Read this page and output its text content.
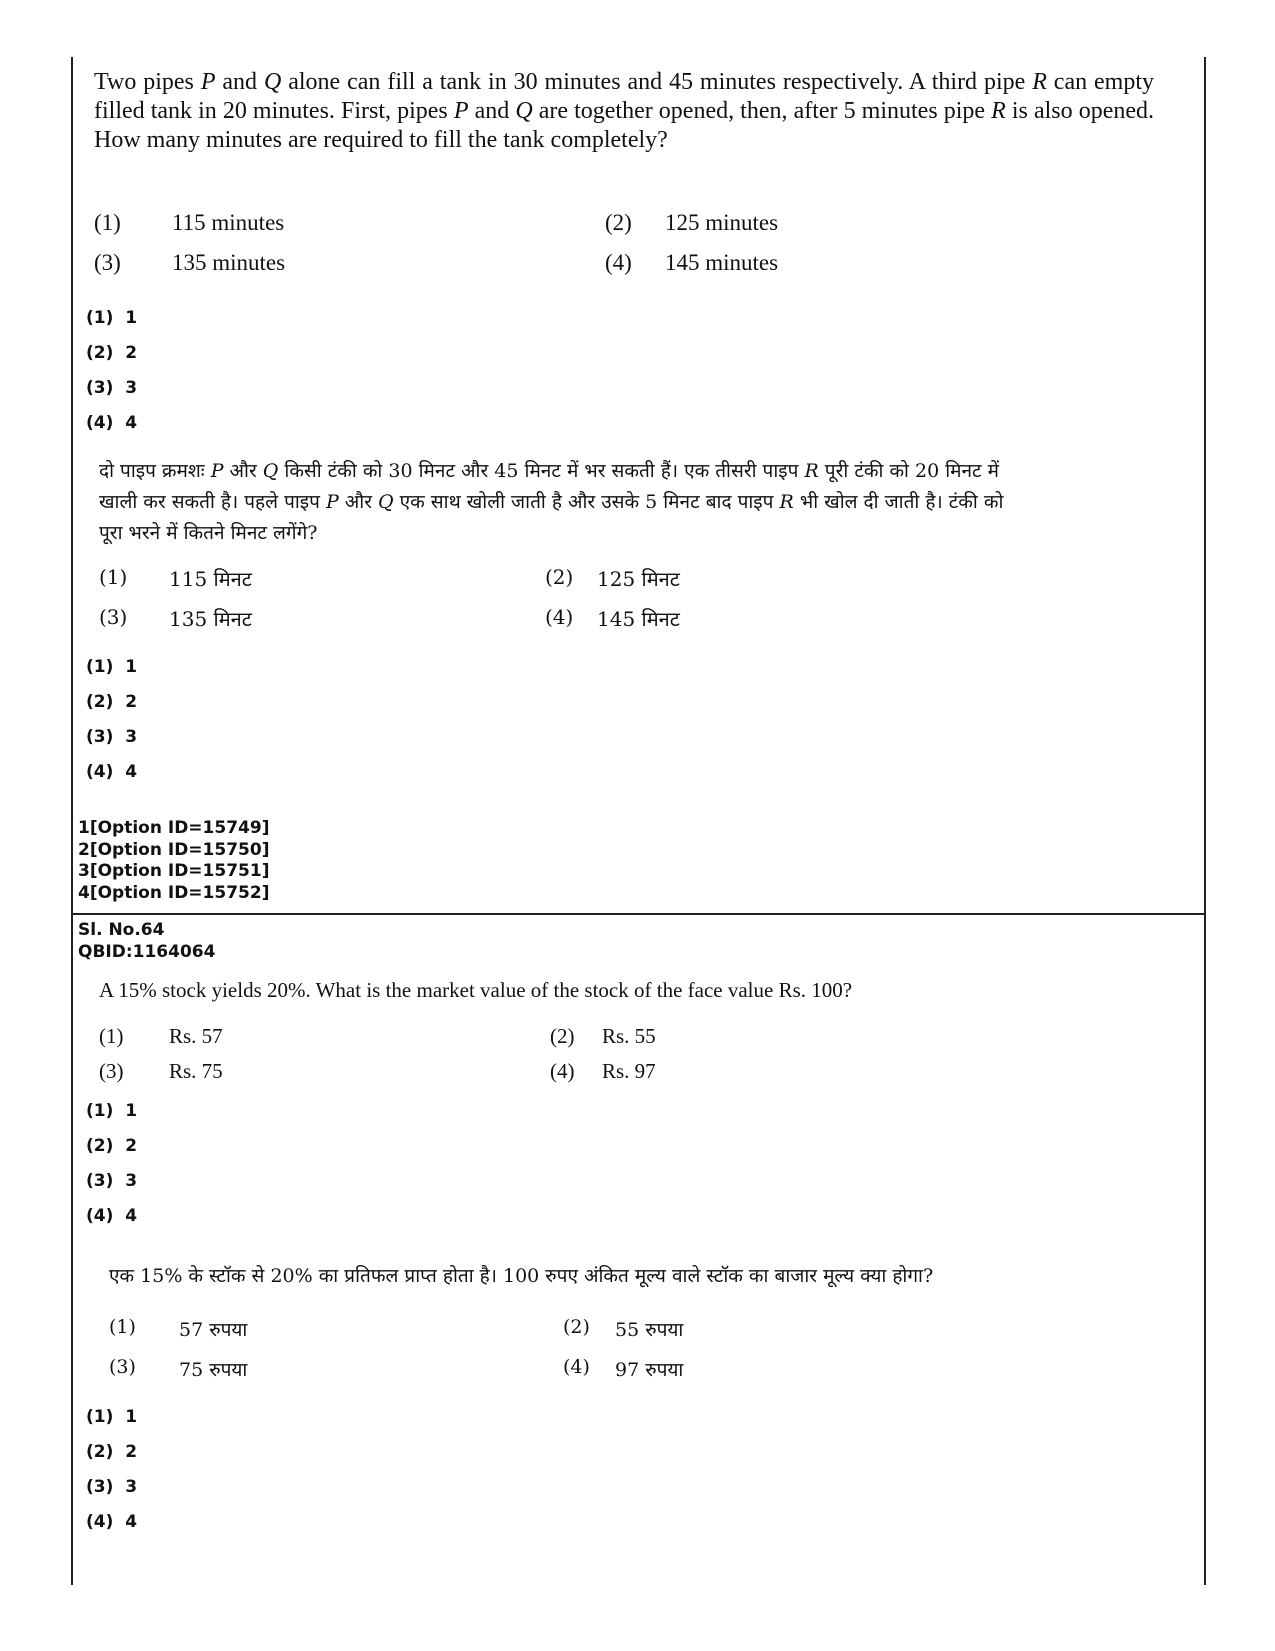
Two pipes P and Q alone can fill a tank in 30 minutes and 45 minutes respectively. A third pipe R can empty filled tank in 20 minutes. First, pipes P and Q are together opened, then, after 5 minutes pipe R is also opened. How many minutes are required to fill the tank completely?
(1) 115 minutes	(2) 125 minutes
(3) 135 minutes	(4) 145 minutes
(1)  1
(2)  2
(3)  3
(4)  4
दो पाइप क्रमशः P और Q किसी टंकी को 30 मिनट और 45 मिनट में भर सकती हैं। एक तीसरी पाइप R पूरी टंकी को 20 मिनट में खाली कर सकती है। पहले पाइप P और Q एक साथ खोली जाती है और उसके 5 मिनट बाद पाइप R भी खोल दी जाती है। टंकी को पूरा भरने में कितने मिनट लगेंगे?
(1) 115 मिनट	(2) 125 मिनट
(3) 135 मिनट	(4) 145 मिनट
(1)  1
(2)  2
(3)  3
(4)  4
1[Option ID=15749]
2[Option ID=15750]
3[Option ID=15751]
4[Option ID=15752]
Sl. No.64
QBID:1164064
A 15% stock yields 20%. What is the market value of the stock of the face value Rs. 100?
(1) Rs. 57	(2) Rs. 55
(3) Rs. 75	(4) Rs. 97
(1)  1
(2)  2
(3)  3
(4)  4
एक 15% के स्टॉक से 20% का प्रतिफल प्राप्त होता है। 100 रुपए अंकित मूल्य वाले स्टॉक का बाजार मूल्य क्या होगा?
(1) 57 रुपया	(2) 55 रुपया
(3) 75 रुपया	(4) 97 रुपया
(1)  1
(2)  2
(3)  3
(4)  4
